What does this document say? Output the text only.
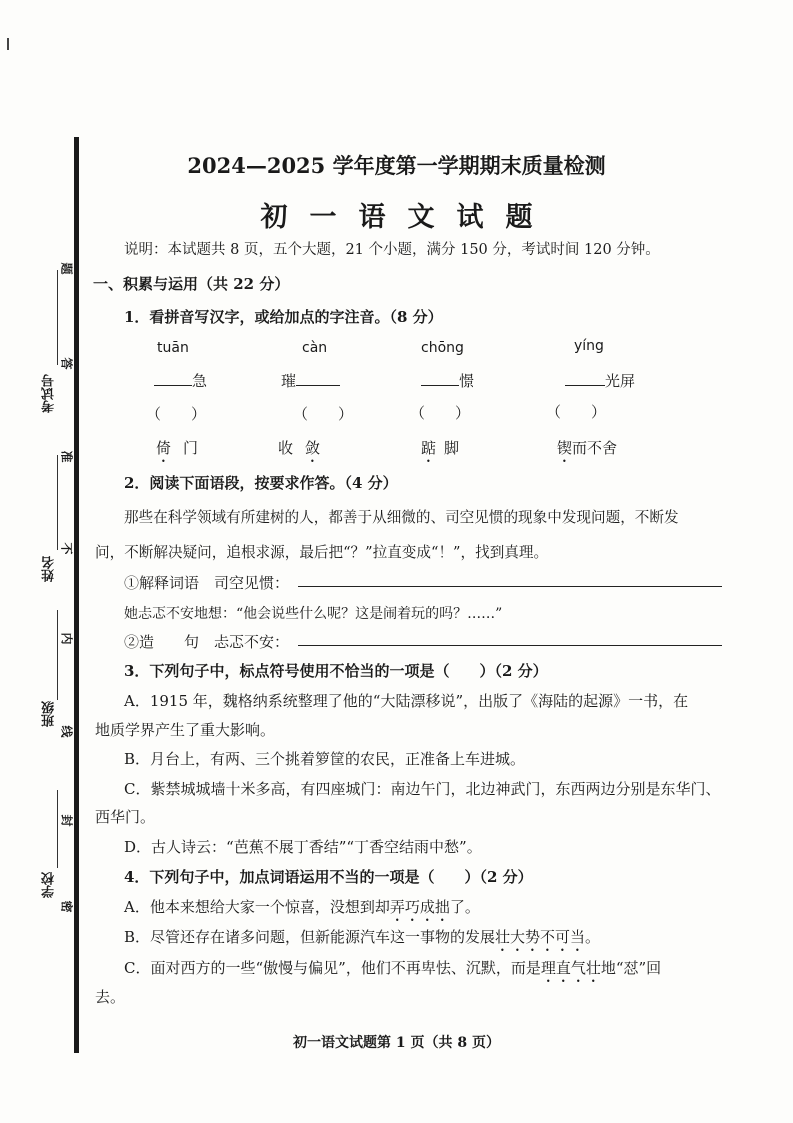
考试号
姓名
班级
学校
题
答
准
不
内
线
封
密
2024—2025 学年度第一学期期末质量检测
初一语文试题
说明：本试题共 8 页，五个大题，21 个小题，满分 150 分，考试时间 120 分钟。
一、积累与运用（共 22 分）
1．看拼音写汉字，或给加点的字注音。（8 分）
tuān	càn	chōng	yíng
急	璀	憬	光屏
（　　）	（　　）	（　　）	（　　）
倚门	收敛	踮脚	锲而不舍
2．阅读下面语段，按要求作答。（4 分）
那些在科学领域有所建树的人，都善于从细微的、司空见惯的现象中发现问题，不断发
问，不断解决疑问，追根求源，最后把“？”拉直变成“！”，找到真理。
①解释词语　司空见惯：
她忐忑不安地想：“他会说些什么呢？这是闹着玩的吗？……”
②造　　句　忐忑不安：
3．下列句子中，标点符号使用不恰当的一项是（　　）（2 分）
A．1915 年，魏格纳系统整理了他的“大陆漂移说”，出版了《海陆的起源》一书，在
地质学界产生了重大影响。
B．月台上，有两、三个挑着箩筐的农民，正准备上车进城。
C．紫禁城城墙十米多高，有四座城门：南边午门，北边神武门，东西两边分别是东华门、
西华门。
D．古人诗云：“芭蕉不展丁香结”“丁香空结雨中愁”。
4．下列句子中，加点词语运用不当的一项是（　　）（2 分）
A．他本来想给大家一个惊喜，没想到却弄巧成拙了。
B．尽管还存在诸多问题，但新能源汽车这一事物的发展壮大势不可当。
C．面对西方的一些“傲慢与偏见”，他们不再卑怯、沉默，而是理直气壮地“怼”回
去。
初一语文试题第 1 页（共 8 页）
